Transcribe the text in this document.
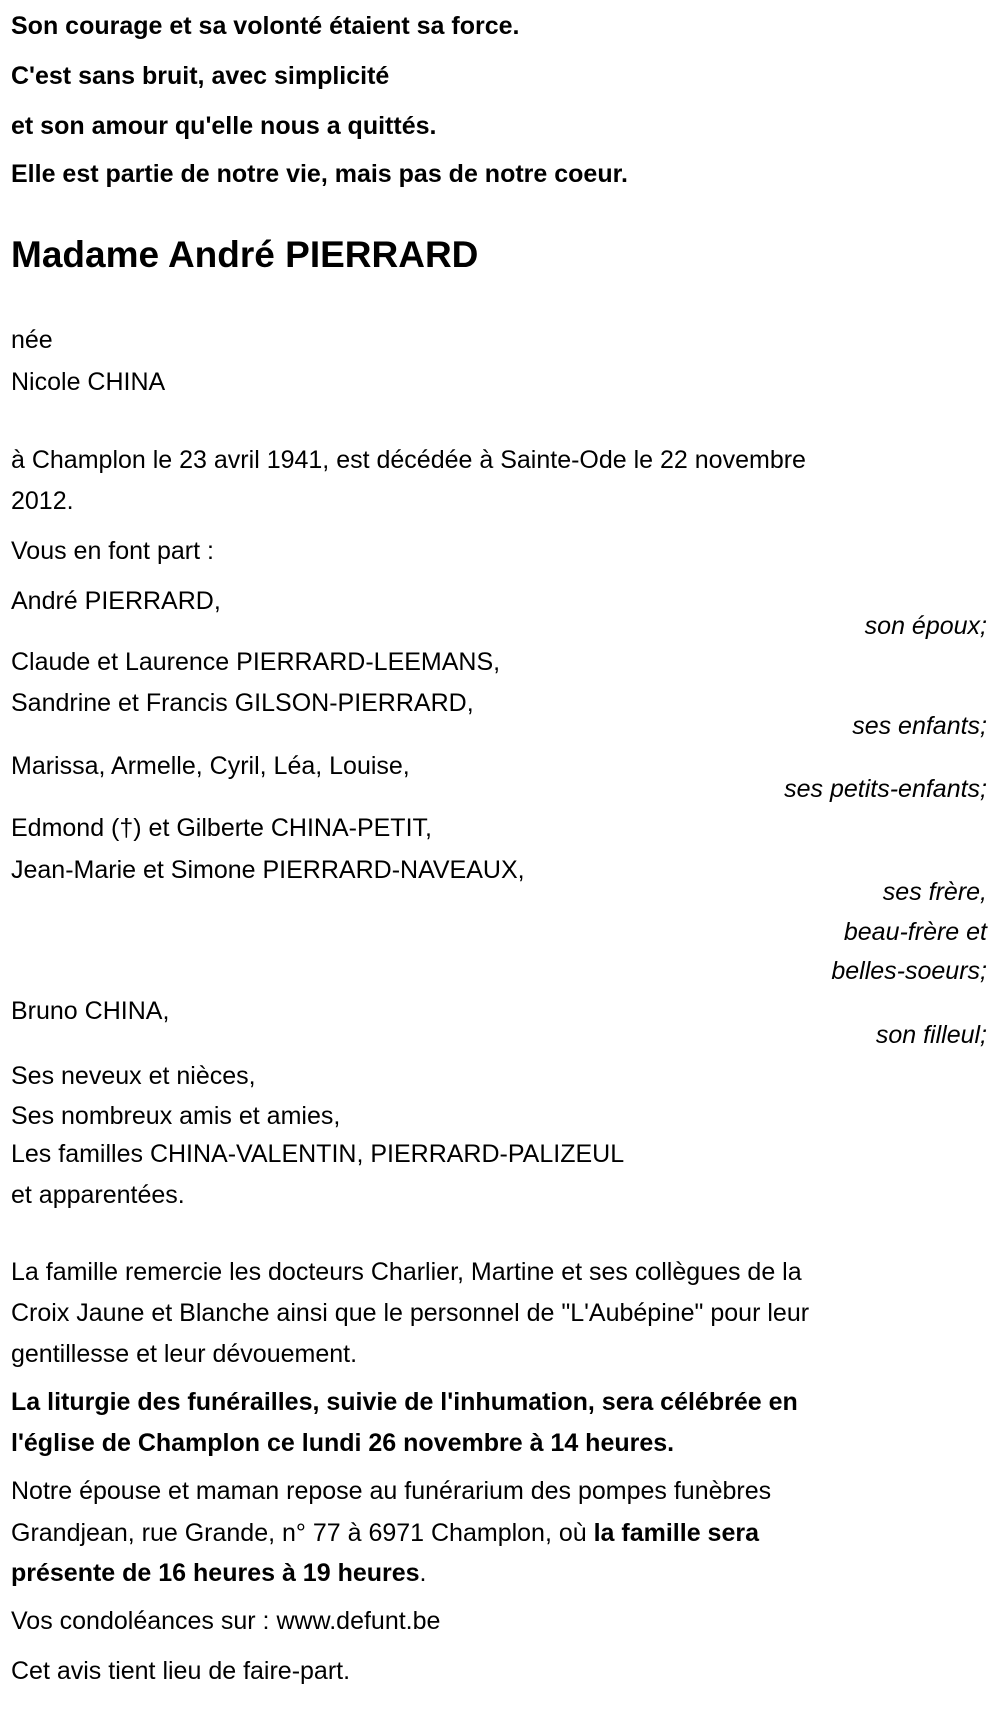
Son courage et sa volonté étaient sa force.
C'est sans bruit, avec simplicité
et son amour qu'elle nous a quittés.
Elle est partie de notre vie, mais pas de notre coeur.
Madame André PIERRARD
née
Nicole CHINA
à Champlon le 23 avril 1941, est décédée à Sainte-Ode le 22 novembre
2012.
Vous en font part :
André PIERRARD,
son époux;
Claude et Laurence PIERRARD-LEEMANS,
Sandrine et Francis GILSON-PIERRARD,
ses enfants;
Marissa, Armelle, Cyril, Léa, Louise,
ses petits-enfants;
Edmond (†) et Gilberte CHINA-PETIT,
Jean-Marie et Simone PIERRARD-NAVEAUX,
ses frère,
beau-frère et
belles-soeurs;
Bruno CHINA,
son filleul;
Ses neveux et nièces,
Ses nombreux amis et amies,
Les familles CHINA-VALENTIN, PIERRARD-PALIZEUL
et apparentées.
La famille remercie les docteurs Charlier, Martine et ses collègues de la
Croix Jaune et Blanche ainsi que le personnel de "L'Aubépine" pour leur
gentillesse et leur dévouement.
La liturgie des funérailles, suivie de l'inhumation, sera célébrée en
l'église de Champlon ce lundi 26 novembre à 14 heures.
Notre épouse et maman repose au funérarium des pompes funèbres
Grandjean, rue Grande, n° 77 à 6971 Champlon, où la famille sera
présente de 16 heures à 19 heures.
Vos condoléances sur : www.defunt.be
Cet avis tient lieu de faire-part.
